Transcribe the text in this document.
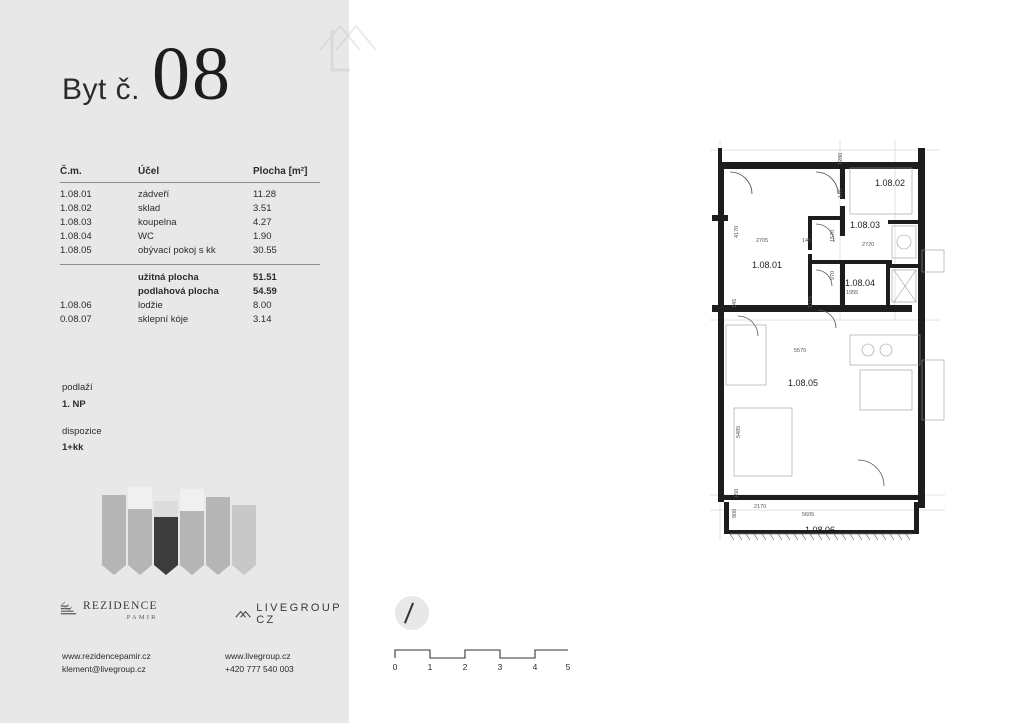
Byt č. 08
Č.m.	Účel	Plocha [m²]
1.08.01	zádveří	11.28
1.08.02	sklad	3.51
1.08.03	koupelna	4.27
1.08.04	WC	1.90
1.08.05	obývací pokoj s kk	30.55

	užitná plocha	51.51
	podlahová plocha	54.59
1.08.06	lodžie	8.00
0.08.07	sklepní kóje	3.14
podlaží
1. NP
dispozice
1+kk
REZIDENCE
PAMIR
LIVEGROUP CZ
www.rezidencepamir.cz
klement@livegroup.cz
www.livegroup.cz
+420 777 540 003	0	1	2	3	4	5
1.08.02
1.08.03
1.08.01
1.08.04
1.08.05
1.08.06
1280
145
4170
2705	145	1570
2720
970
1955
145	1170
5570
5485
150
2170
5605
800
